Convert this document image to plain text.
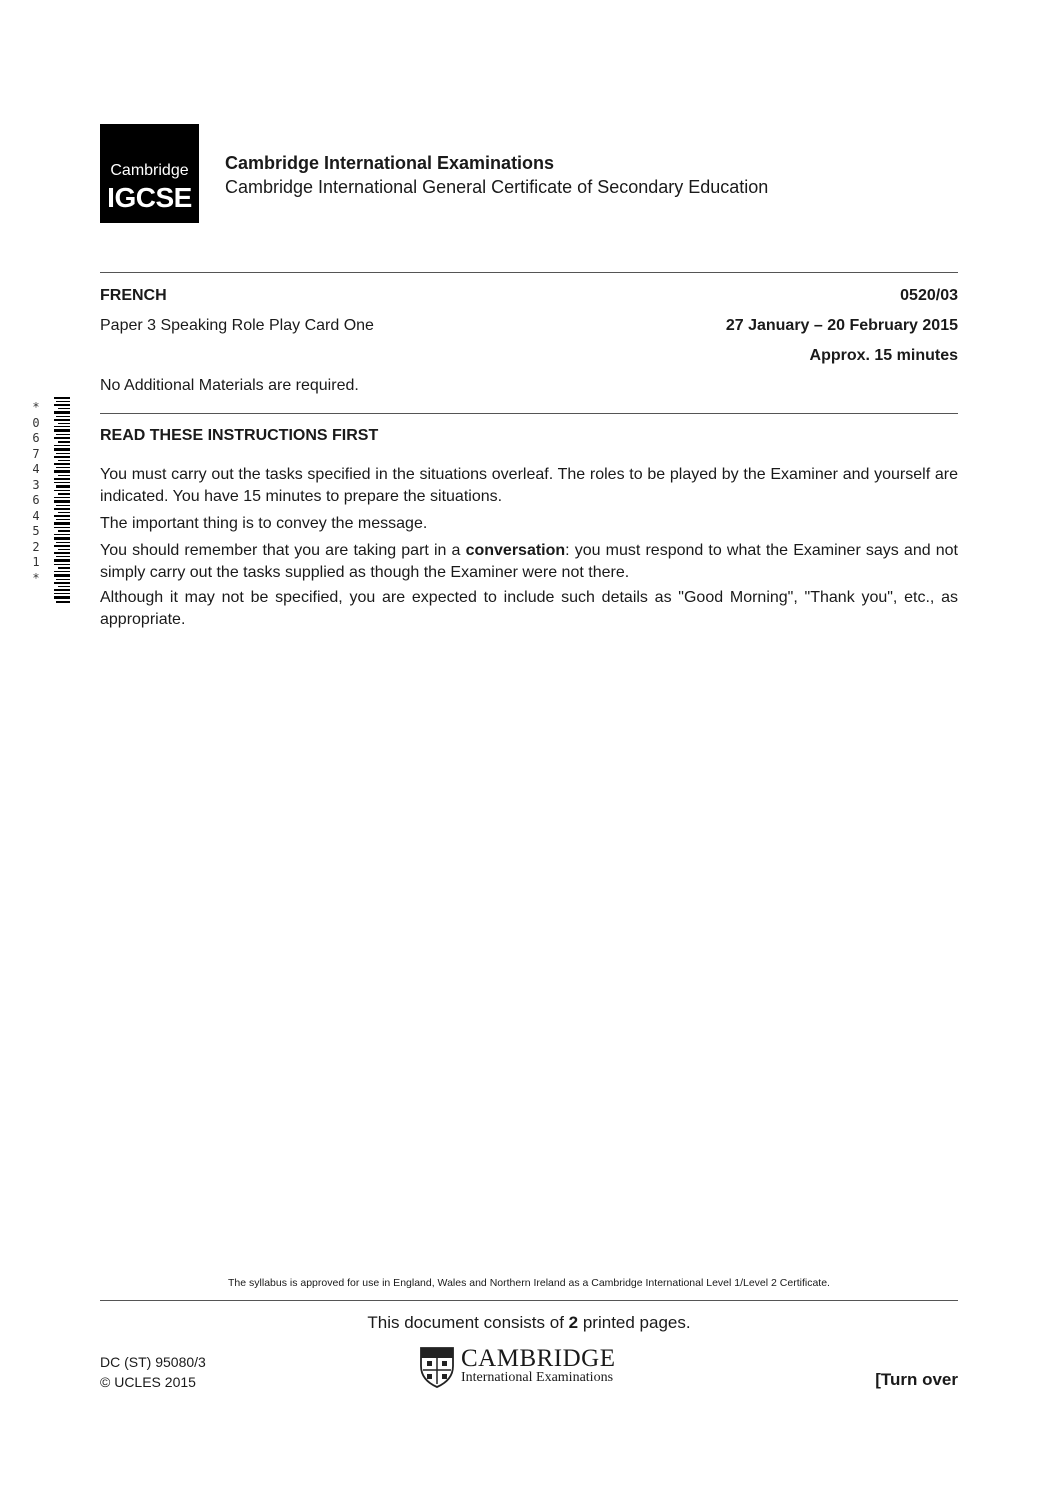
Cambridge
IGCSE
Cambridge International Examinations
Cambridge International General Certificate of Secondary Education
FRENCH	0520/03
Paper 3 Speaking Role Play Card One	27 January – 20 February 2015
Approx. 15 minutes
No Additional Materials are required.
*0674364521*
READ THESE INSTRUCTIONS FIRST
You must carry out the tasks specified in the situations overleaf. The roles to be played by the Examiner and yourself are indicated. You have 15 minutes to prepare the situations.
The important thing is to convey the message.
You should remember that you are taking part in a conversation: you must respond to what the Examiner says and not simply carry out the tasks supplied as though the Examiner were not there.
Although it may not be specified, you are expected to include such details as "Good Morning", "Thank you", etc., as appropriate.
The syllabus is approved for use in England, Wales and Northern Ireland as a Cambridge International Level 1/Level 2 Certificate.
This document consists of 2 printed pages.
DC (ST) 95080/3
© UCLES 2015
CAMBRIDGE
International Examinations	[Turn over
